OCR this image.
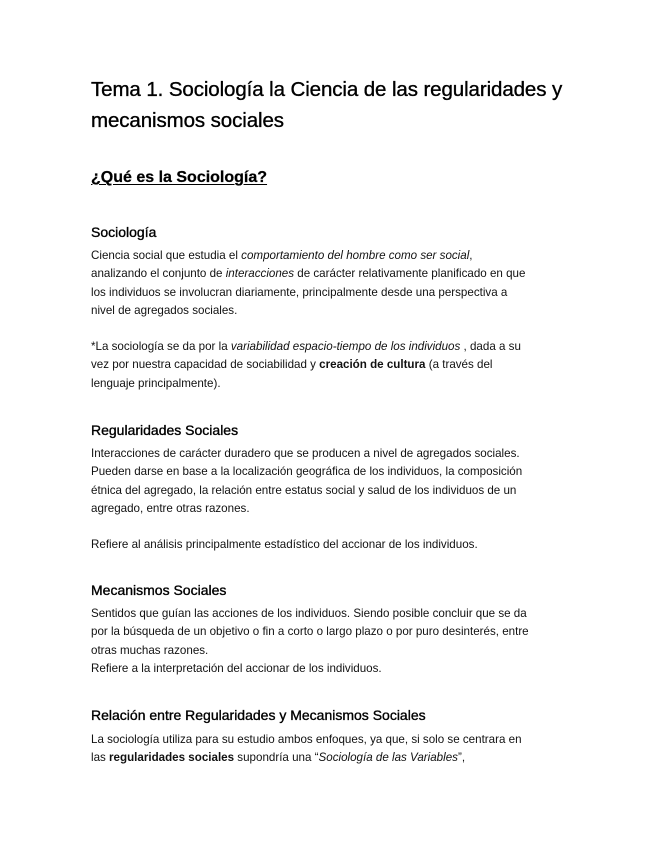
Tema 1. Sociología la Ciencia de las regularidades y
mecanismos sociales
¿Qué es la Sociología?
Sociología

Ciencia social que estudia el comportamiento del hombre como ser social,
analizando el conjunto de interacciones de carácter relativamente planificado en que
los individuos se involucran diariamente, principalmente desde una perspectiva a
nivel de agregados sociales.

*La sociología se da por la variabilidad espacio-tiempo de los individuos , dada a su
vez por nuestra capacidad de sociabilidad y creación de cultura (a través del
lenguaje principalmente).

Regularidades Sociales

Interacciones de carácter duradero que se producen a nivel de agregados sociales.
Pueden darse en base a la localización geográfica de los individuos, la composición
étnica del agregado, la relación entre estatus social y salud de los individuos de un
agregado, entre otras razones.

Refiere al análisis principalmente estadístico del accionar de los individuos.

Mecanismos Sociales

Sentidos que guían las acciones de los individuos. Siendo posible concluir que se da
por la búsqueda de un objetivo o fin a corto o largo plazo o por puro desinterés, entre
otras muchas razones.
Refiere a la interpretación del accionar de los individuos.

Relación entre Regularidades y Mecanismos Sociales

La sociología utiliza para su estudio ambos enfoques, ya que, si solo se centrara en
las regularidades sociales supondría una “Sociología de las Variables”,
